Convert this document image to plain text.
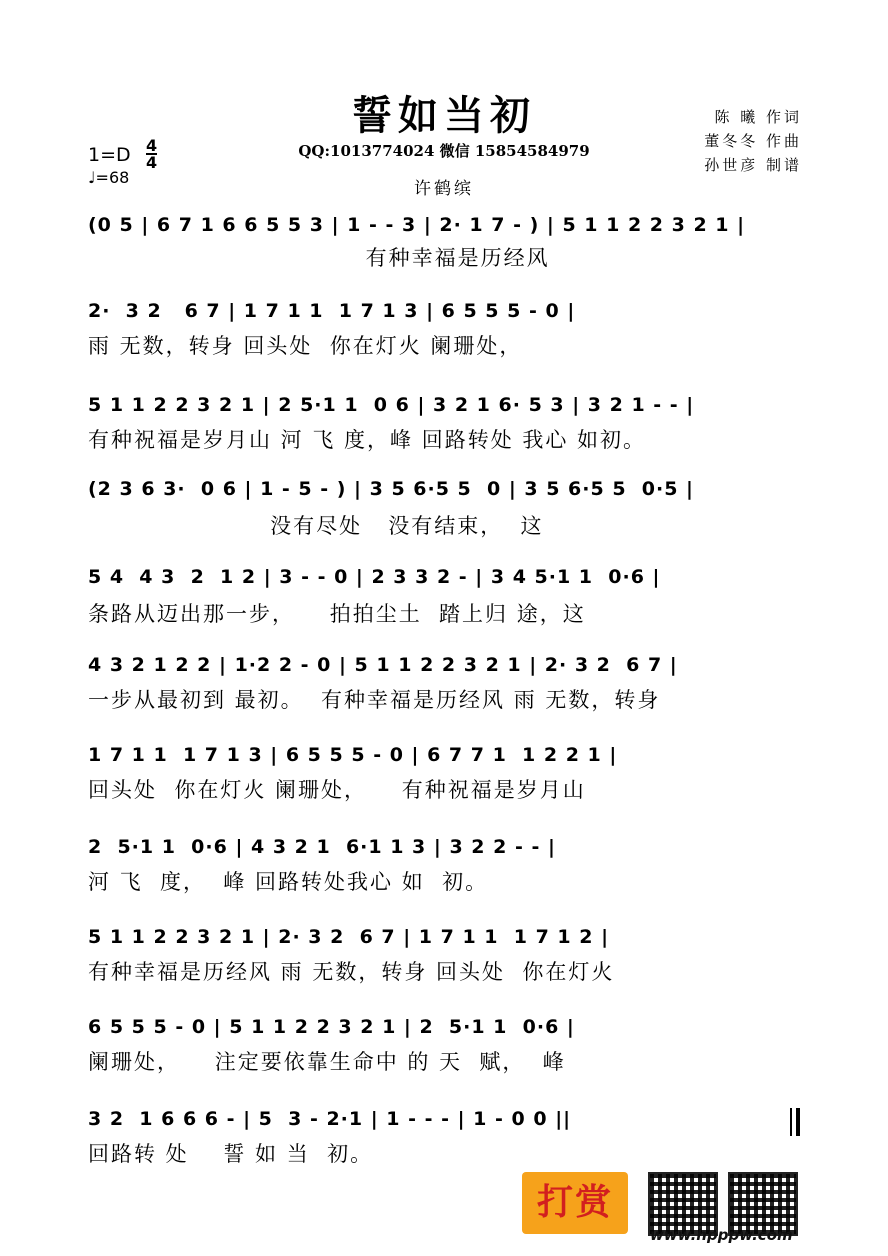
誓如当初
QQ:1013774024 微信 15854584979
许鹤缤
陈 曦 作词
董冬冬 作曲
孙世彦 制谱
1=D 4
4
♩=68
(0 5 | 6 7 1 6 6 5 5 3 | 1 - - 3 | 2· 1 7 - ) | 5 1 1 2 2 3 2 1 |
有种幸福是历经风
2·  3 2   6 7 | 1 7 1 1  1 7 1 3 | 6 5 5 5 - 0 |
雨 无数，转身 回头处  你在灯火 阑珊处，
5 1 1 2 2 3 2 1 | 2 5·1 1  0 6 | 3 2 1 6· 5 3 | 3 2 1 - - |
有种祝福是岁月山 河 飞 度，峰 回路转处 我心 如初。
(2 3 6 3·  0 6 | 1 - 5 - ) | 3 5 6·5 5  0 | 3 5 6·5 5  0·5 |
没有尽处   没有结束，  这
5 4  4 3  2  1 2 | 3 - - 0 | 2 3 3 2 - | 3 4 5·1 1  0·6 |
条路从迈出那一步，    拍拍尘土  踏上归 途，这
4 3 2 1 2 2 | 1·2 2 - 0 | 5 1 1 2 2 3 2 1 | 2· 3 2  6 7 |
一步从最初到 最初。  有种幸福是历经风 雨 无数，转身
1 7 1 1  1 7 1 3 | 6 5 5 5 - 0 | 6 7 7 1  1 2 2 1 |
回头处  你在灯火 阑珊处，    有种祝福是岁月山
2  5·1 1  0·6 | 4 3 2 1  6·1 1 3 | 3 2 2 - - |
河 飞  度，  峰 回路转处我心 如  初。
5 1 1 2 2 3 2 1 | 2· 3 2  6 7 | 1 7 1 1  1 7 1 2 |
有种幸福是历经风 雨 无数，转身 回头处  你在灯火
6 5 5 5 - 0 | 5 1 1 2 2 3 2 1 | 2  5·1 1  0·6 |
阑珊处，    注定要依靠生命中 的 天  赋，  峰
3 2  1 6 6 6 - | 5  3 - 2·1 | 1 - - - | 1 - 0 0 ||
回路转 处    誓 如 当  初。
打赏
www.hpppw.com
